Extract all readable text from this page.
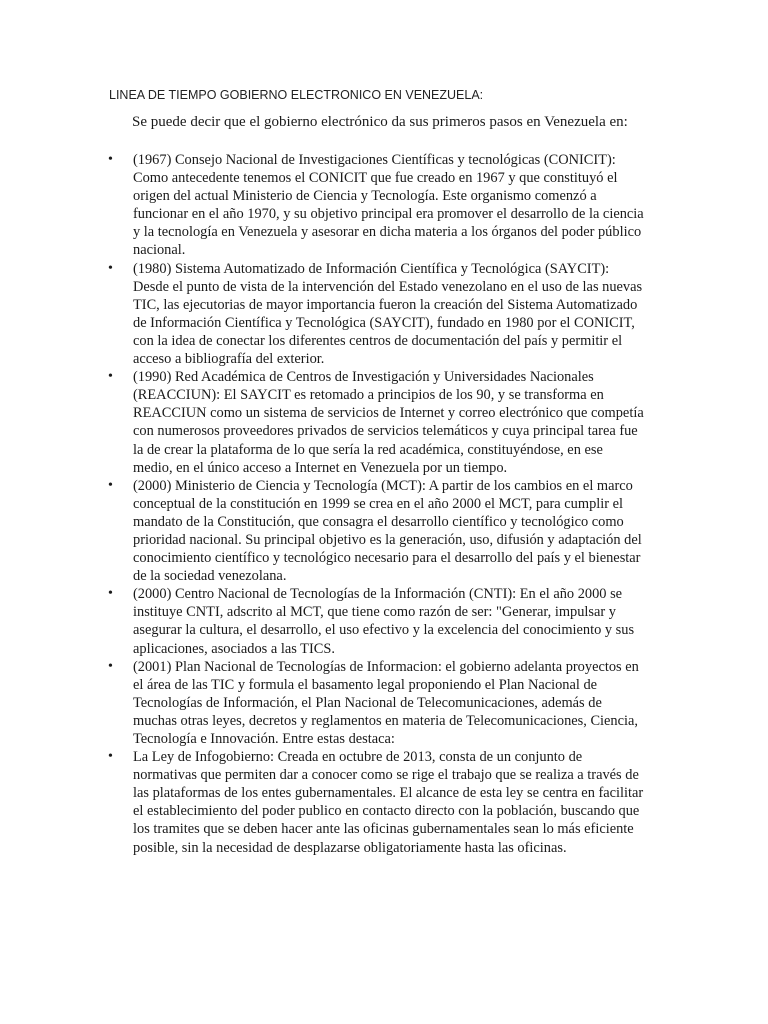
LINEA DE TIEMPO GOBIERNO ELECTRONICO EN VENEZUELA:
Se puede decir que el gobierno electrónico da sus primeros pasos en Venezuela en:
•	(1967) Consejo Nacional de Investigaciones Científicas y tecnológicas (CONICIT): Como antecedente tenemos el CONICIT que fue creado en 1967 y que constituyó el origen del actual Ministerio de Ciencia y Tecnología. Este organismo comenzó a funcionar en el año 1970, y su objetivo principal era promover el desarrollo de la ciencia y la tecnología en Venezuela y asesorar en dicha materia a los órganos del poder público nacional.
•	(1980) Sistema Automatizado de Información Científica y Tecnológica (SAYCIT): Desde el punto de vista de la intervención del Estado venezolano en el uso de las nuevas TIC, las ejecutorias de mayor importancia fueron la creación del Sistema Automatizado de Información Científica y Tecnológica (SAYCIT), fundado en 1980 por el CONICIT, con la idea de conectar los diferentes centros de documentación del país y permitir el acceso a bibliografía del exterior.
•	(1990) Red Académica de Centros de Investigación y Universidades Nacionales (REACCIUN): El SAYCIT es retomado a principios de los 90, y se transforma en REACCIUN como un sistema de servicios de Internet y correo electrónico que competía con numerosos proveedores privados de servicios telemáticos y cuya principal tarea fue la de crear la plataforma de lo que sería la red académica, constituyéndose, en ese medio, en el único acceso a Internet en Venezuela por un tiempo.
•	(2000) Ministerio de Ciencia y Tecnología (MCT): A partir de los cambios en el marco conceptual de la constitución en 1999 se crea en el año 2000 el MCT, para cumplir el mandato de la Constitución, que consagra el desarrollo científico y tecnológico como prioridad nacional. Su principal objetivo es la generación, uso, difusión y adaptación del conocimiento científico y tecnológico necesario para el desarrollo del país y el bienestar de la sociedad venezolana.
•	(2000) Centro Nacional de Tecnologías de la Información (CNTI): En el año 2000 se instituye CNTI, adscrito al MCT, que tiene como razón de ser: "Generar, impulsar y asegurar la cultura, el desarrollo, el uso efectivo y la excelencia del conocimiento y sus aplicaciones, asociados a las TICS.
•	(2001) Plan Nacional de Tecnologías de Informacion: el gobierno adelanta proyectos en el área de las TIC y formula el basamento legal proponiendo el Plan Nacional de Tecnologías de Información, el Plan Nacional de Telecomunicaciones, además de muchas otras leyes, decretos y reglamentos en materia de Telecomunicaciones, Ciencia, Tecnología e Innovación. Entre estas destaca:
•	La Ley de Infogobierno: Creada en octubre de 2013, consta de un conjunto de normativas que permiten dar a conocer como se rige el trabajo que se realiza a través de las plataformas de los entes gubernamentales. El alcance de esta ley se centra en facilitar el establecimiento del poder publico en contacto directo con la población, buscando que los tramites que se deben hacer ante las oficinas gubernamentales sean lo más eficiente posible, sin la necesidad de desplazarse obligatoriamente hasta las oficinas.
